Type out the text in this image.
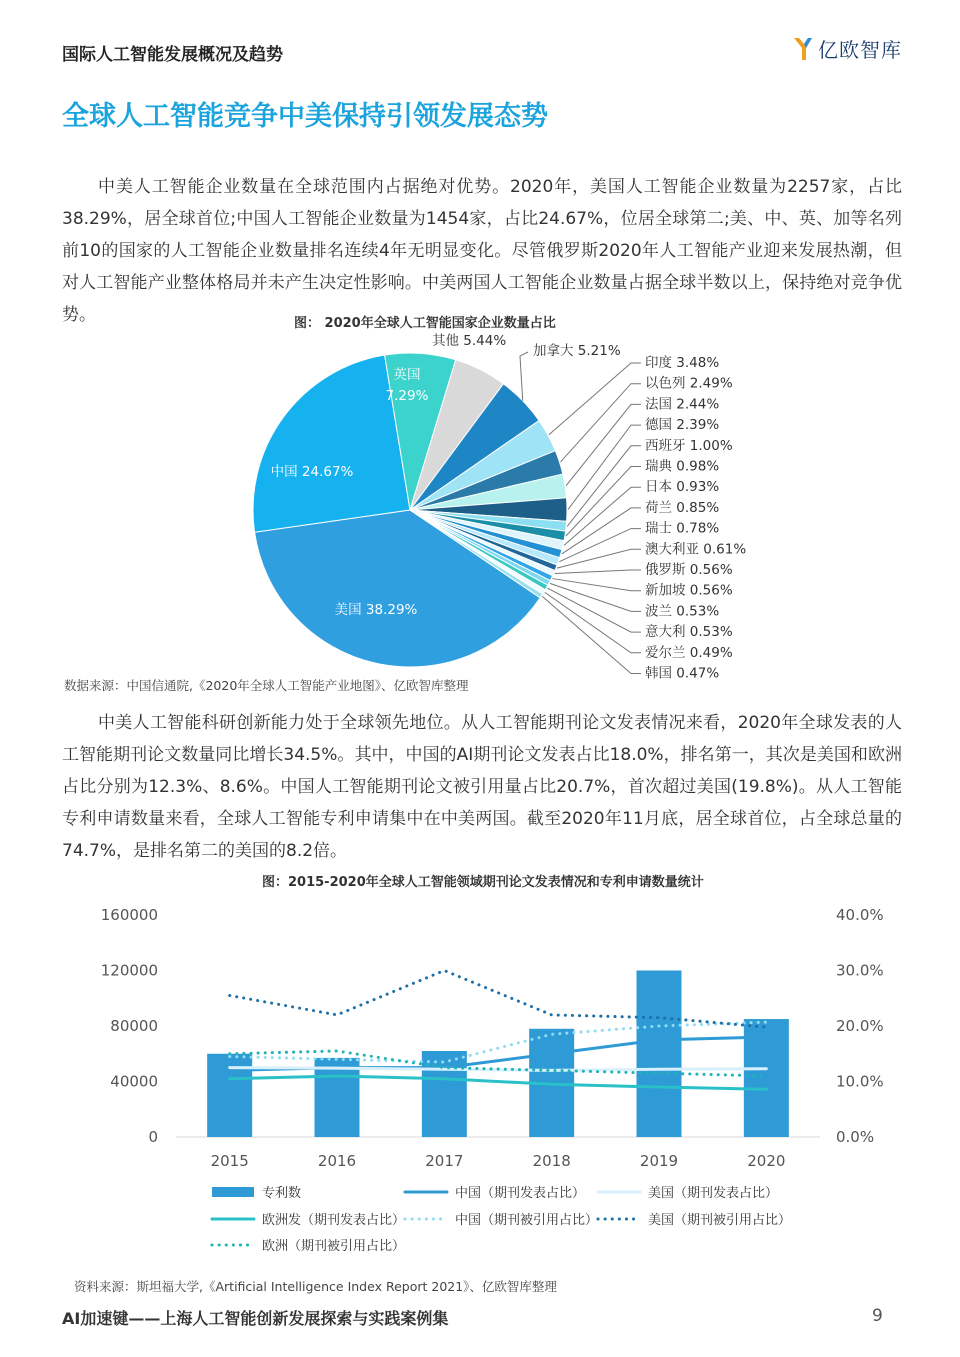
国际人工智能发展概况及趋势	亿欧智库
全球人工智能竞争中美保持引领发展态势

中美人工智能企业数量在全球范围内占据绝对优势。2020年，美国人工智能企业数量为2257家，占比38.29%，居全球首位;中国人工智能企业数量为1454家，占比24.67%，位居全球第二;美、中、英、加等名列前10的国家的人工智能企业数量排名连续4年无明显变化。尽管俄罗斯2020年人工智能产业迎来发展热潮，但对人工智能产业整体格局并未产生决定性影响。中美两国人工智能企业数量占据全球半数以上，保持绝对竞争优势。	图： 2020年全球人工智能国家企业数量占比
美国 38.29%
中国 24.67%
英国
7.29%
其他 5.44%
加拿大 5.21%
印度 3.48%
以色列 2.49%
法国 2.44%
德国 2.39%
西班牙 1.00%
瑞典 0.98%
日本 0.93%
荷兰 0.85%
瑞士 0.78%
澳大利亚 0.61%
俄罗斯 0.56%
新加坡 0.56%
波兰 0.53%
意大利 0.53%
爱尔兰 0.49%
韩国 0.47%
数据来源：中国信通院,《2020年全球人工智能产业地图》、亿欧智库整理

中美人工智能科研创新能力处于全球领先地位。从人工智能期刊论文发表情况来看，2020年全球发表的人工智能期刊论文数量同比增长34.5%。其中，中国的AI期刊论文发表占比18.0%，排名第一，其次是美国和欧洲占比分别为12.3%、8.6%。中国人工智能期刊论文被引用量占比20.7%，首次超过美国(19.8%)。从人工智能专利申请数量来看，全球人工智能专利申请集中在中美两国。截至2020年11月底，居全球首位，占全球总量的74.7%，是排名第二的美国的8.2倍。

图：2015-2020年全球人工智能领域期刊论文发表情况和专利申请数量统计
0
40000
80000
120000
160000
0.0%
10.0%
20.0%
30.0%
40.0%
2015	2016	2017	2018	2019	2020
专利数	中国（期刊发表占比）	美国（期刊发表占比）
欧洲发（期刊发表占比）	中国（期刊被引用占比）	美国（期刊被引用占比）
欧洲（期刊被引用占比）
资料来源：斯坦福大学,《Artificial Intelligence Index Report 2021》、亿欧智库整理
AI加速键——上海人工智能创新发展探索与实践案例集	9
